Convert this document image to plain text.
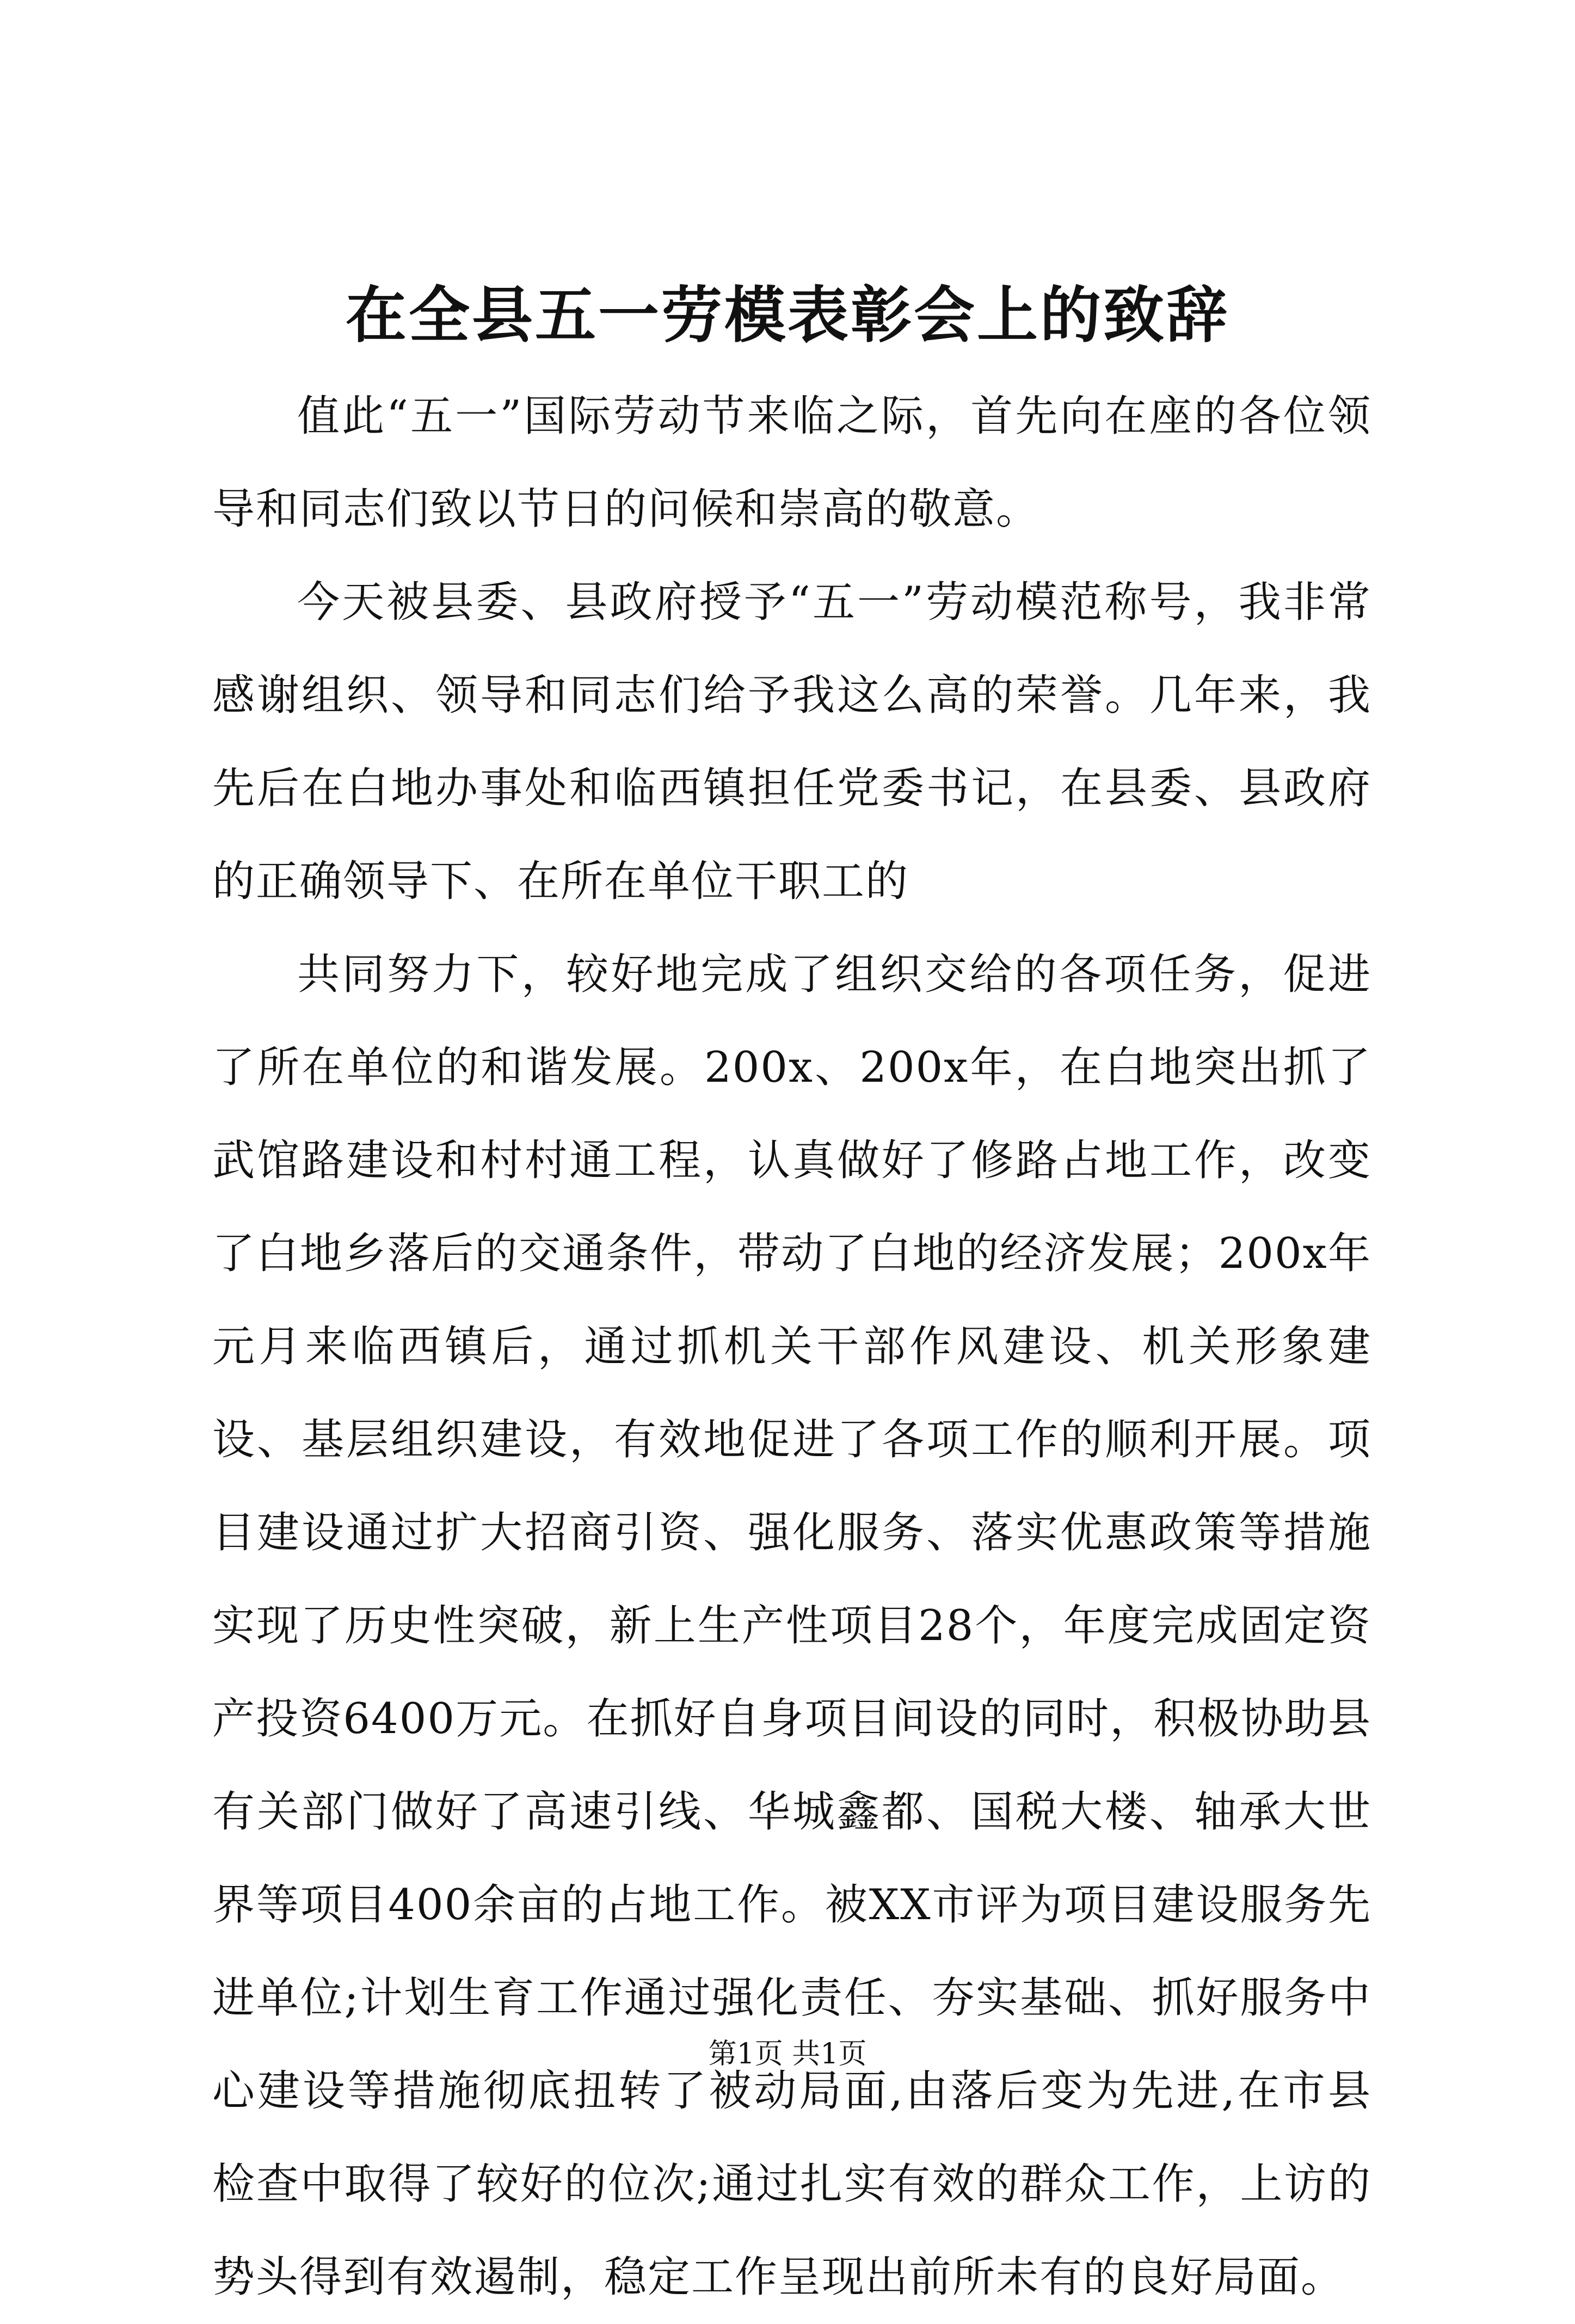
在全县五一劳模表彰会上的致辞

值此“五一”国际劳动节来临之际，首先向在座的各位领导和同志们致以节日的问候和崇高的敬意。

今天被县委、县政府授予“五一”劳动模范称号，我非常感谢组织、领导和同志们给予我这么高的荣誉。几年来，我先后在白地办事处和临西镇担任党委书记，在县委、县政府的正确领导下、在所在单位干职工的

共同努力下，较好地完成了组织交给的各项任务，促进了所在单位的和谐发展。200x、200x年，在白地突出抓了武馆路建设和村村通工程，认真做好了修路占地工作，改变了白地乡落后的交通条件，带动了白地的经济发展；200x年元月来临西镇后，通过抓机关干部作风建设、机关形象建设、基层组织建设，有效地促进了各项工作的顺利开展。项目建设通过扩大招商引资、强化服务、落实优惠政策等措施实现了历史性突破，新上生产性项目28个，年度完成固定资产投资6400万元。在抓好自身项目间设的同时，积极协助县有关部门做好了高速引线、华城鑫都、国税大楼、轴承大世界等项目400余亩的占地工作。被XX市评为项目建设服务先进单位;计划生育工作通过强化责任、夯实基础、抓好服务中心建设等措施彻底扭转了被动局面,由落后变为先进,在市县检查中取得了较好的位次;通过扎实有效的群众工作，上访的势头得到有效遏制，稳定工作呈现出前所未有的良好局面。

第1页 共1页
